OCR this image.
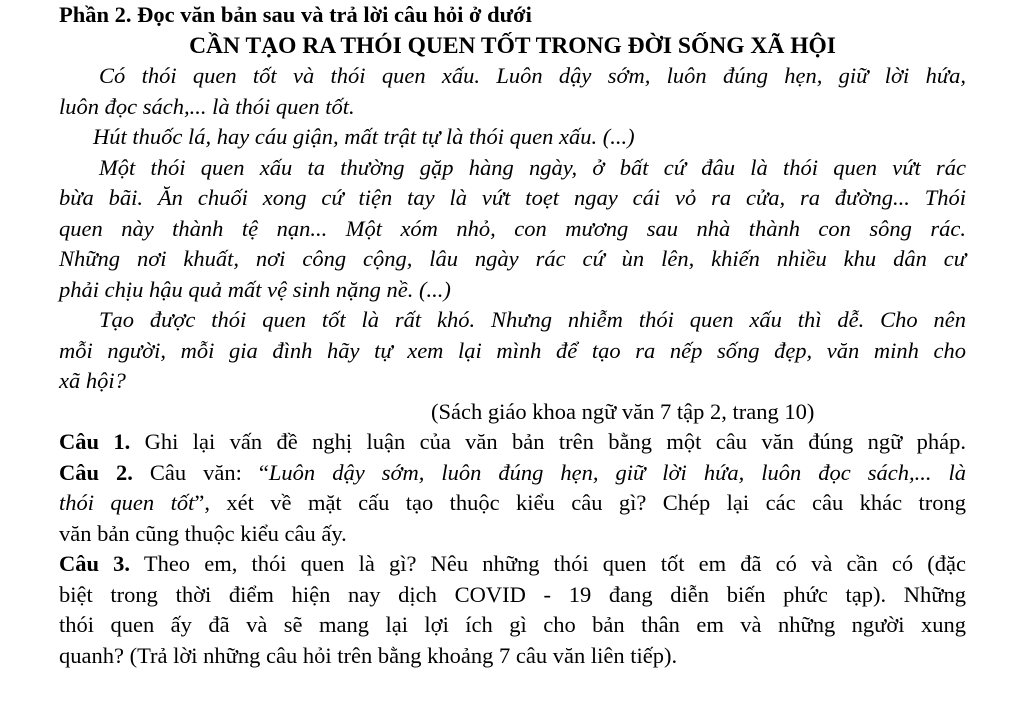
Phần 2. Đọc văn bản sau và trả lời câu hỏi ở dưới
CẦN TẠO RA THÓI QUEN TỐT TRONG ĐỜI SỐNG XÃ HỘI
Có thói quen tốt và thói quen xấu. Luôn dậy sớm, luôn đúng hẹn, giữ lời hứa,
luôn đọc sách,... là thói quen tốt.
Hút thuốc lá, hay cáu giận, mất trật tự là thói quen xấu. (...)
Một thói quen xấu ta thường gặp hàng ngày, ở bất cứ đâu là thói quen vứt rác
bừa bãi. Ăn chuối xong cứ tiện tay là vứt toẹt ngay cái vỏ ra cửa, ra đường... Thói
quen này thành tệ nạn... Một xóm nhỏ, con mương sau nhà thành con sông rác.
Những nơi khuất, nơi công cộng, lâu ngày rác cứ ùn lên, khiến nhiều khu dân cư
phải chịu hậu quả mất vệ sinh nặng nề. (...)
Tạo được thói quen tốt là rất khó. Nhưng nhiễm thói quen xấu thì dễ. Cho nên
mỗi người, mỗi gia đình hãy tự xem lại mình để tạo ra nếp sống đẹp, văn minh cho
xã hội?
(Sách giáo khoa ngữ văn 7 tập 2, trang 10)
Câu 1. Ghi lại vấn đề nghị luận của văn bản trên bằng một câu văn đúng ngữ pháp.
Câu 2. Câu văn: “Luôn dậy sớm, luôn đúng hẹn, giữ lời hứa, luôn đọc sách,... là
thói quen tốt”, xét về mặt cấu tạo thuộc kiểu câu gì? Chép lại các câu khác trong
văn bản cũng thuộc kiểu câu ấy.
Câu 3. Theo em, thói quen là gì? Nêu những thói quen tốt em đã có và cần có (đặc
biệt trong thời điểm hiện nay dịch COVID - 19 đang diễn biến phức tạp). Những
thói quen ấy đã và sẽ mang lại lợi ích gì cho bản thân em và những người xung
quanh? (Trả lời những câu hỏi trên bằng khoảng 7 câu văn liên tiếp).
